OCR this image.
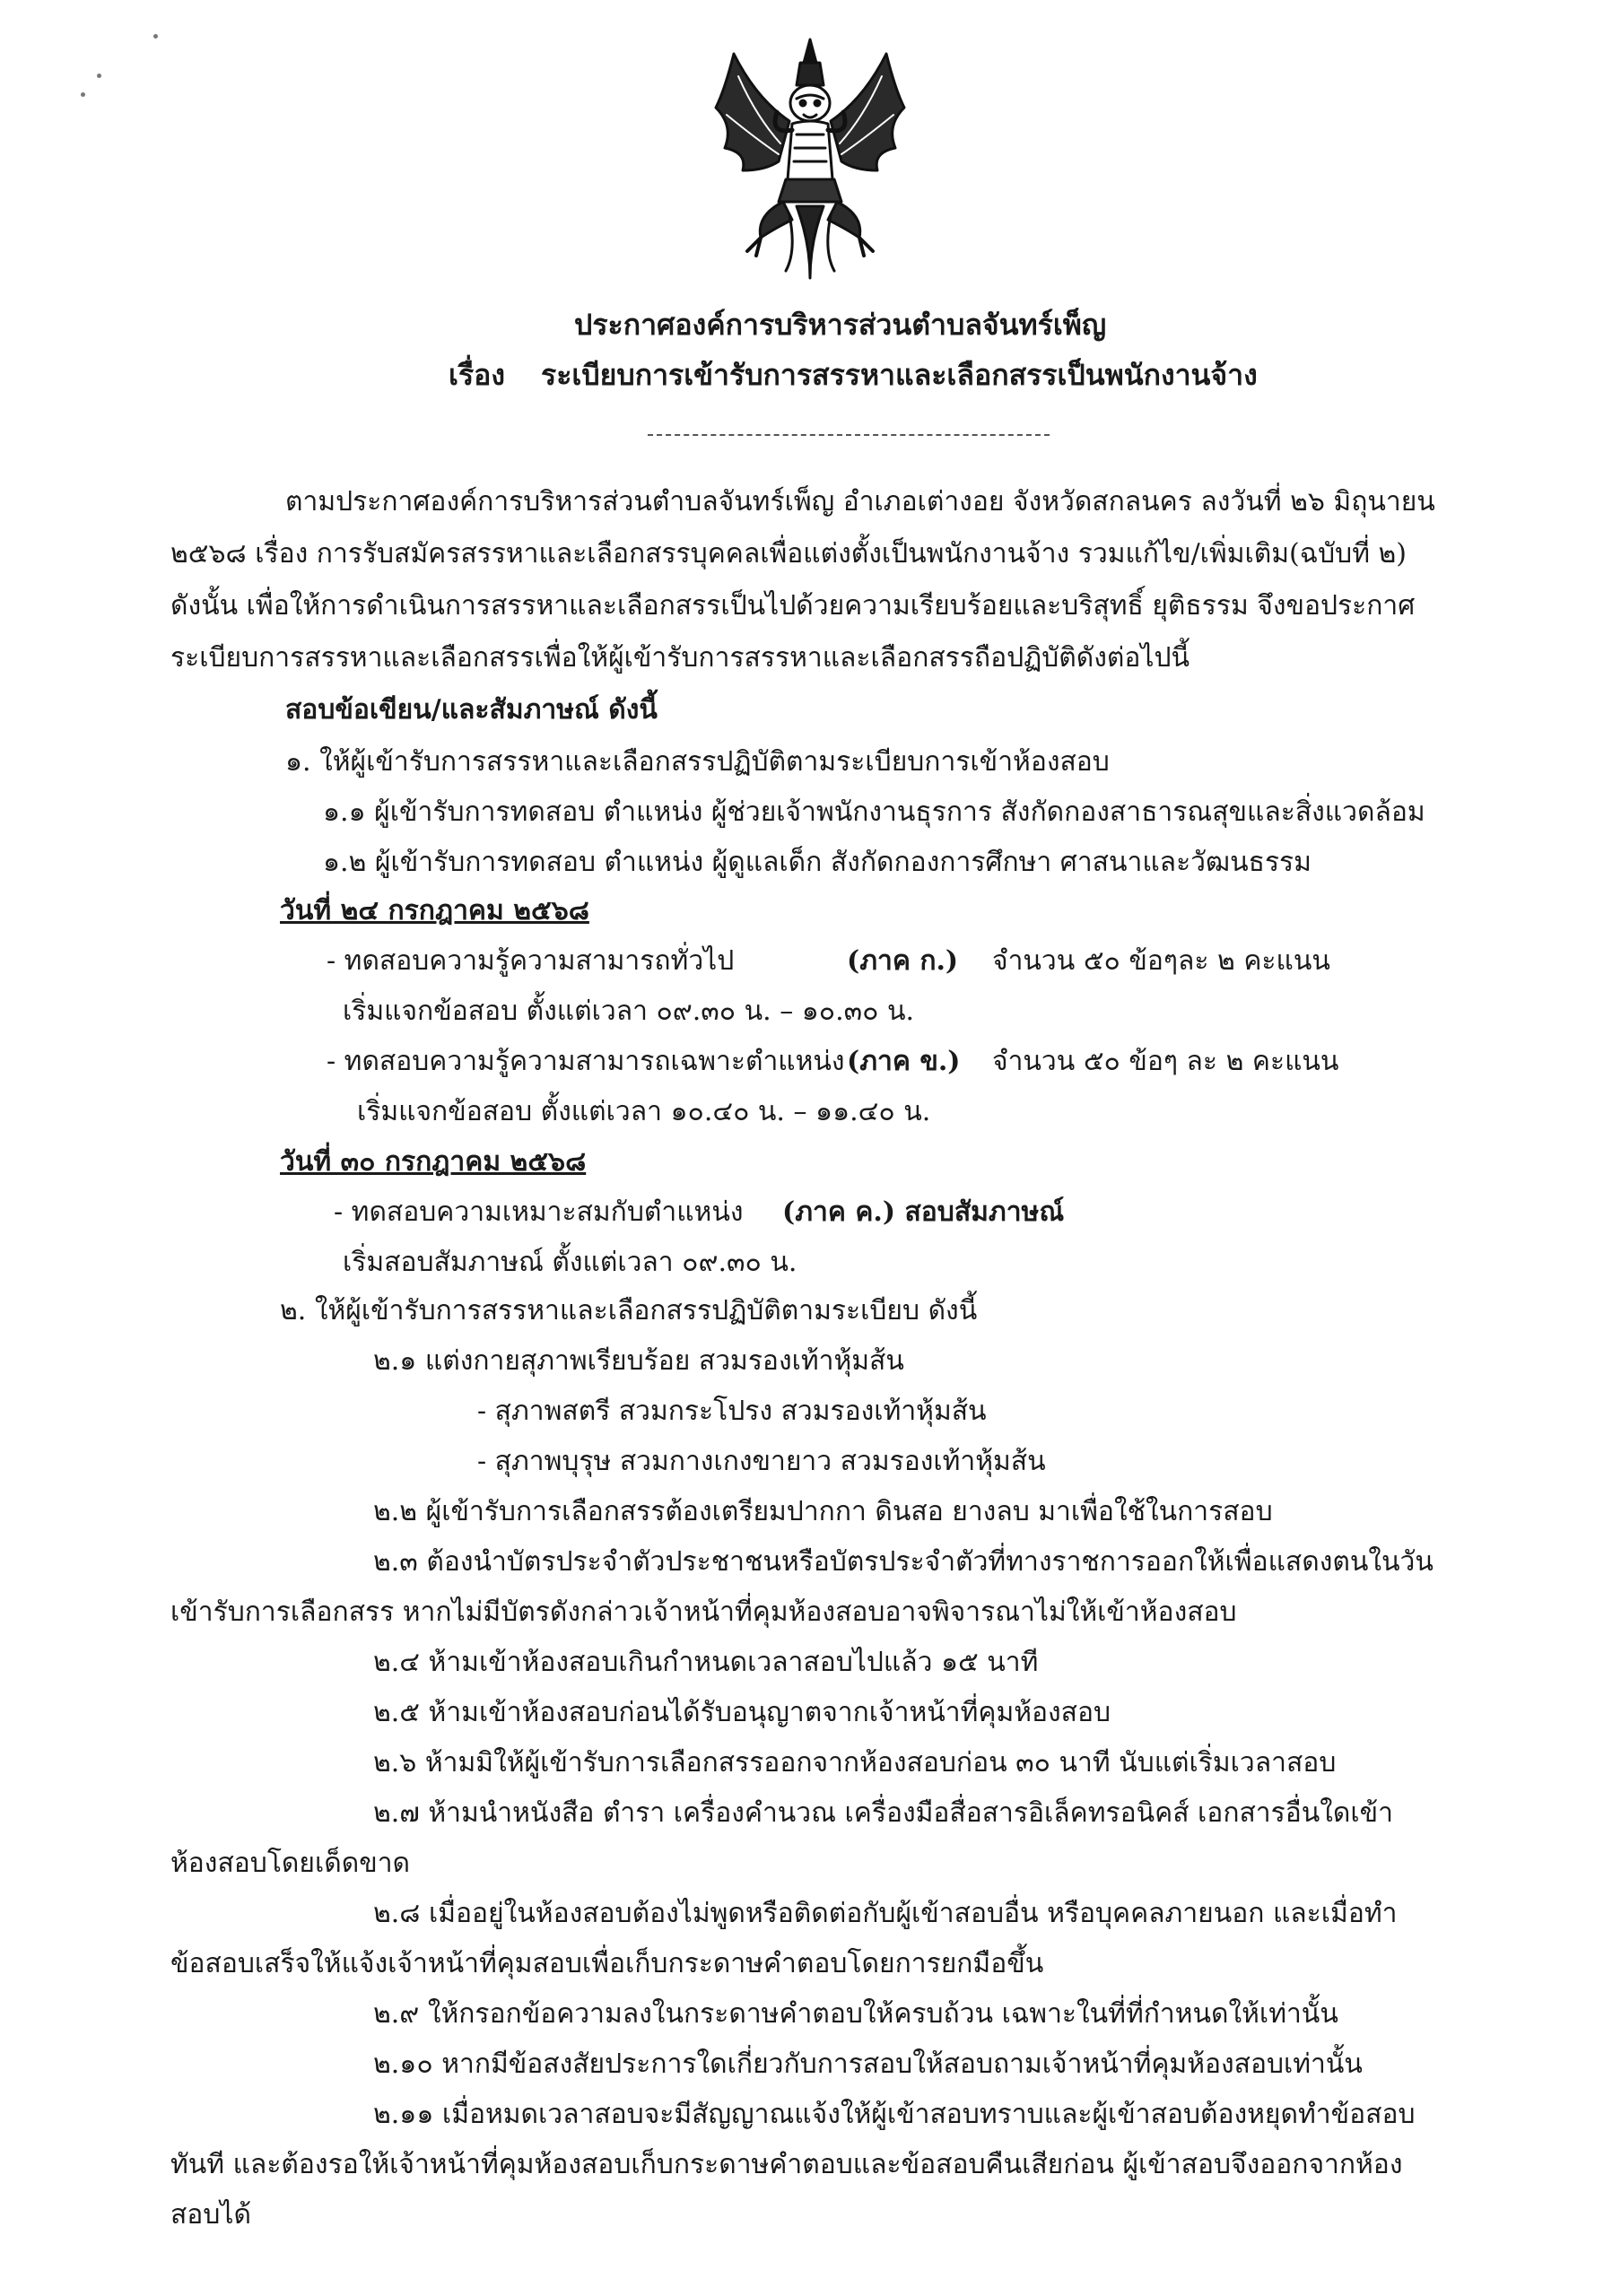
ประกาศองค์การบริหารส่วนตำบลจันทร์เพ็ญ
เรื่อง ระเบียบการเข้ารับการสรรหาและเลือกสรรเป็นพนักงานจ้าง
ตามประกาศองค์การบริหารส่วนตำบลจันทร์เพ็ญ อำเภอเต่างอย จังหวัดสกลนคร ลงวันที่ ๒๖ มิถุนายน
๒๕๖๘ เรื่อง การรับสมัครสรรหาและเลือกสรรบุคคลเพื่อแต่งตั้งเป็นพนักงานจ้าง รวมแก้ไข/เพิ่มเติม(ฉบับที่ ๒)
ดังนั้น เพื่อให้การดำเนินการสรรหาและเลือกสรรเป็นไปด้วยความเรียบร้อยและบริสุทธิ์ ยุติธรรม จึงขอประกาศ
ระเบียบการสรรหาและเลือกสรรเพื่อให้ผู้เข้ารับการสรรหาและเลือกสรรถือปฏิบัติดังต่อไปนี้
สอบข้อเขียน/และสัมภาษณ์ ดังนี้
๑. ให้ผู้เข้ารับการสรรหาและเลือกสรรปฏิบัติตามระเบียบการเข้าห้องสอบ
๑.๑ ผู้เข้ารับการทดสอบ ตำแหน่ง ผู้ช่วยเจ้าพนักงานธุรการ สังกัดกองสาธารณสุขและสิ่งแวดล้อม
๑.๒ ผู้เข้ารับการทดสอบ ตำแหน่ง ผู้ดูแลเด็ก สังกัดกองการศึกษา ศาสนาและวัฒนธรรม
วันที่ ๒๔ กรกฎาคม ๒๕๖๘
- ทดสอบความรู้ความสามารถทั่วไป	(ภาค ก.) จำนวน ๕๐ ข้อๆละ ๒ คะแนน
เริ่มแจกข้อสอบ ตั้งแต่เวลา ๐๙.๓๐ น. – ๑๐.๓๐ น.
- ทดสอบความรู้ความสามารถเฉพาะตำแหน่ง (ภาค ข.) จำนวน ๕๐ ข้อๆ ละ ๒ คะแนน
เริ่มแจกข้อสอบ ตั้งแต่เวลา ๑๐.๔๐ น. – ๑๑.๔๐ น.
วันที่ ๓๐ กรกฎาคม ๒๕๖๘
- ทดสอบความเหมาะสมกับตำแหน่ง (ภาค ค.) สอบสัมภาษณ์
เริ่มสอบสัมภาษณ์ ตั้งแต่เวลา ๐๙.๓๐ น.
๒. ให้ผู้เข้ารับการสรรหาและเลือกสรรปฏิบัติตามระเบียบ ดังนี้
๒.๑ แต่งกายสุภาพเรียบร้อย สวมรองเท้าหุ้มส้น
- สุภาพสตรี สวมกระโปรง สวมรองเท้าหุ้มส้น
- สุภาพบุรุษ สวมกางเกงขายาว สวมรองเท้าหุ้มส้น
๒.๒ ผู้เข้ารับการเลือกสรรต้องเตรียมปากกา ดินสอ ยางลบ มาเพื่อใช้ในการสอบ
๒.๓ ต้องนำบัตรประจำตัวประชาชนหรือบัตรประจำตัวที่ทางราชการออกให้เพื่อแสดงตนในวัน
เข้ารับการเลือกสรร หากไม่มีบัตรดังกล่าวเจ้าหน้าที่คุมห้องสอบอาจพิจารณาไม่ให้เข้าห้องสอบ
๒.๔ ห้ามเข้าห้องสอบเกินกำหนดเวลาสอบไปแล้ว ๑๕ นาที
๒.๕ ห้ามเข้าห้องสอบก่อนได้รับอนุญาตจากเจ้าหน้าที่คุมห้องสอบ
๒.๖ ห้ามมิให้ผู้เข้ารับการเลือกสรรออกจากห้องสอบก่อน ๓๐ นาที นับแต่เริ่มเวลาสอบ
๒.๗ ห้ามนำหนังสือ ตำรา เครื่องคำนวณ เครื่องมือสื่อสารอิเล็คทรอนิคส์ เอกสารอื่นใดเข้า
ห้องสอบโดยเด็ดขาด
๒.๘ เมื่ออยู่ในห้องสอบต้องไม่พูดหรือติดต่อกับผู้เข้าสอบอื่น หรือบุคคลภายนอก และเมื่อทำ
ข้อสอบเสร็จให้แจ้งเจ้าหน้าที่คุมสอบเพื่อเก็บกระดาษคำตอบโดยการยกมือขึ้น
๒.๙ ให้กรอกข้อความลงในกระดาษคำตอบให้ครบถ้วน เฉพาะในที่ที่กำหนดให้เท่านั้น
๒.๑๐ หากมีข้อสงสัยประการใดเกี่ยวกับการสอบให้สอบถามเจ้าหน้าที่คุมห้องสอบเท่านั้น
๒.๑๑ เมื่อหมดเวลาสอบจะมีสัญญาณแจ้งให้ผู้เข้าสอบทราบและผู้เข้าสอบต้องหยุดทำข้อสอบ
ทันที และต้องรอให้เจ้าหน้าที่คุมห้องสอบเก็บกระดาษคำตอบและข้อสอบคืนเสียก่อน ผู้เข้าสอบจึงออกจากห้อง
สอบได้
